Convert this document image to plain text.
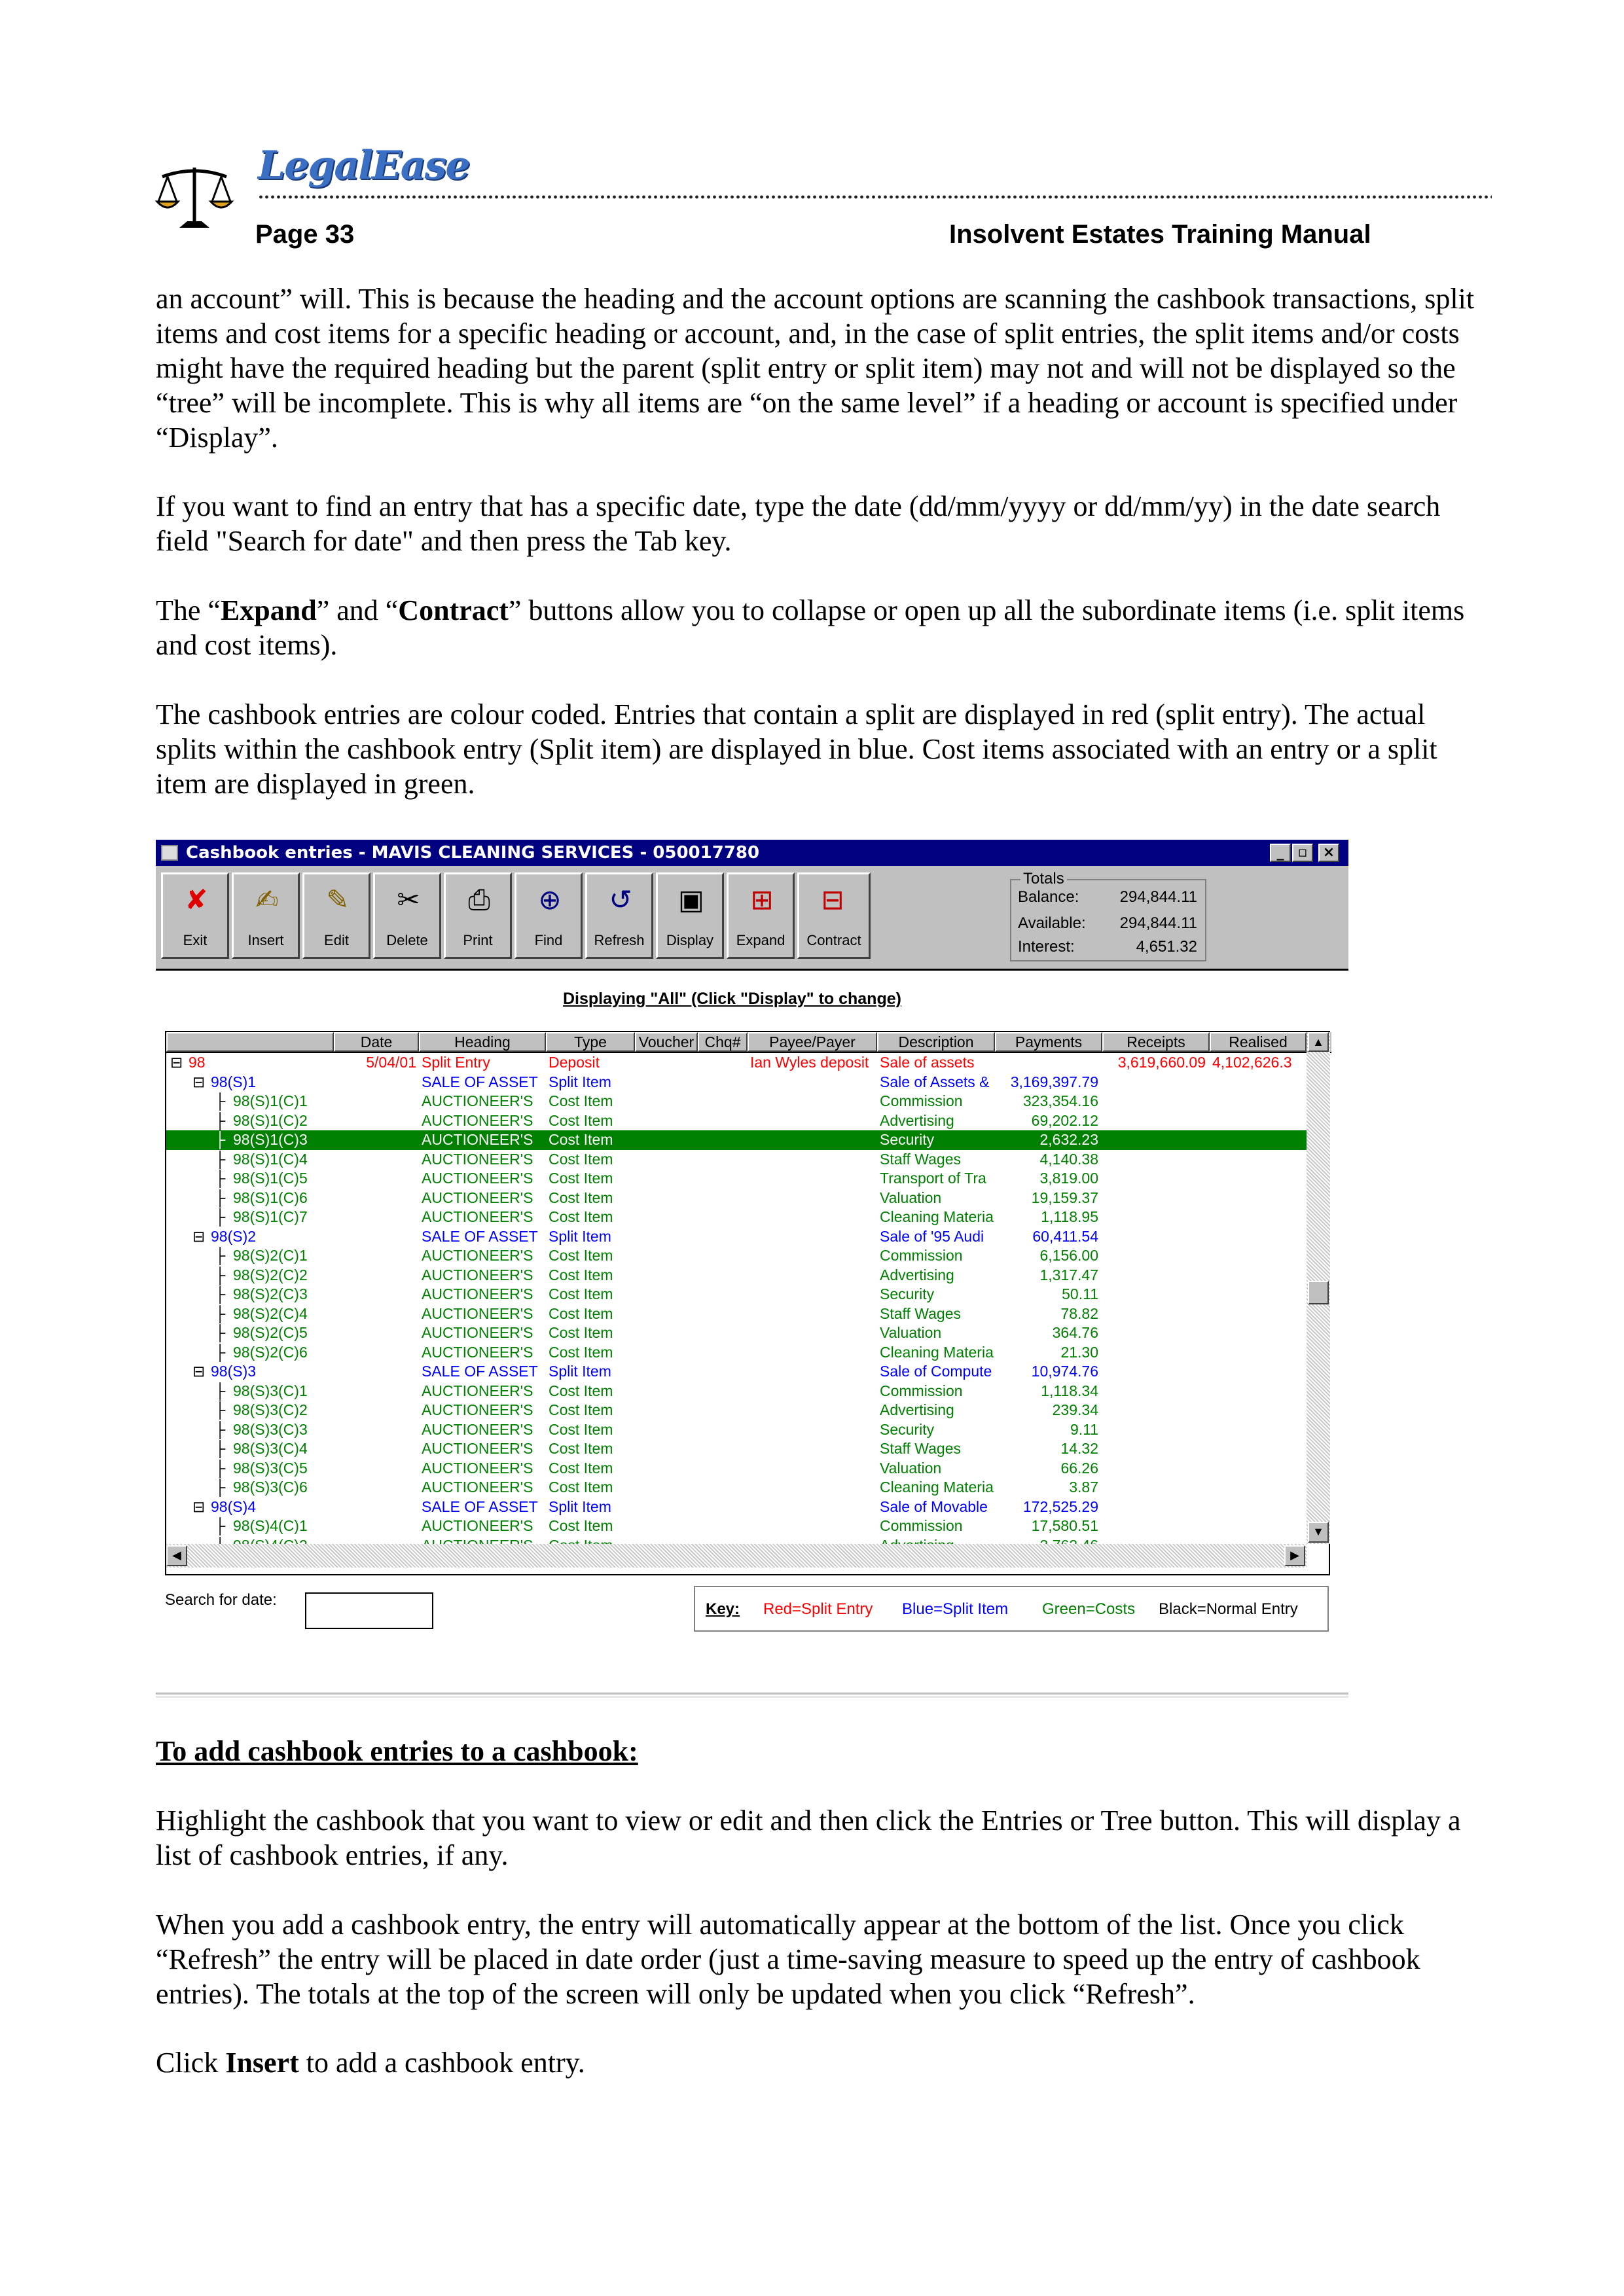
LegalEase
Page 33	Insolvent Estates Training Manual

an account” will. This is because the heading and the account options are scanning the cashbook transactions, split items and cost items for a specific heading or account, and, in the case of split entries, the split items and/or costs might have the required heading but the parent (split entry or split item) may not and will not be displayed so the “tree” will be incomplete. This is why all items are “on the same level” if a heading or account is specified under “Display”.

If you want to find an entry that has a specific date, type the date (dd/mm/yyyy or dd/mm/yy) in the date search field "Search for date" and then press the Tab key.

The “Expand” and “Contract” buttons allow you to collapse or open up all the subordinate items (i.e. split items and cost items).

The cashbook entries are colour coded. Entries that contain a split are displayed in red (split entry). The actual splits within the cashbook entry (Split item) are displayed in blue. Cost items associated with an entry or a split item are displayed in green.

Cashbook entries - MAVIS CLEANING SERVICES - 050017780	_ ▫	×
✘
Exit
✍
Insert
✎
Edit
✂
Delete
⎙
Print
⊕
Find
↺
Refresh
▣
Display
⊞
Expand
⊟
Contract
Totals
Balance:	294,844.11
Available: 294,844.11
Interest:	4,651.32
Displaying "All" (Click "Display" to change)
Date	Heading	Type	Voucher Chq#	Payee/Payer	Description	Payments	Receipts	Realised
⊟ 98	5/04/01 Split Entry	Deposit	Ian Wyles deposit Sale of assets	3,619,660.09 4,102,626.3
⊟ 98(S)1	SALE OF ASSET Split Item	Sale of Assets &	3,169,397.79
├ 98(S)1(C)1	AUCTIONEER'S	Cost Item	Commission	323,354.16
├ 98(S)1(C)2	AUCTIONEER'S	Cost Item	Advertising	69,202.12
├ 98(S)1(C)3	AUCTIONEER'S	Cost Item	Security	2,632.23
├ 98(S)1(C)4	AUCTIONEER'S	Cost Item	Staff Wages	4,140.38
├ 98(S)1(C)5	AUCTIONEER'S	Cost Item	Transport of Tra	3,819.00
├ 98(S)1(C)6	AUCTIONEER'S	Cost Item	Valuation	19,159.37
├ 98(S)1(C)7	AUCTIONEER'S	Cost Item	Cleaning Materia	1,118.95
⊟ 98(S)2	SALE OF ASSET Split Item	Sale of '95 Audi	60,411.54
├ 98(S)2(C)1	AUCTIONEER'S	Cost Item	Commission	6,156.00
├ 98(S)2(C)2	AUCTIONEER'S	Cost Item	Advertising	1,317.47
├ 98(S)2(C)3	AUCTIONEER'S	Cost Item	Security	50.11
├ 98(S)2(C)4	AUCTIONEER'S	Cost Item	Staff Wages	78.82
├ 98(S)2(C)5	AUCTIONEER'S	Cost Item	Valuation	364.76
├ 98(S)2(C)6	AUCTIONEER'S	Cost Item	Cleaning Materia	21.30
⊟ 98(S)3	SALE OF ASSET Split Item	Sale of Compute	10,974.76
├ 98(S)3(C)1	AUCTIONEER'S	Cost Item	Commission	1,118.34
├ 98(S)3(C)2	AUCTIONEER'S	Cost Item	Advertising	239.34
├ 98(S)3(C)3	AUCTIONEER'S	Cost Item	Security	9.11
├ 98(S)3(C)4	AUCTIONEER'S	Cost Item	Staff Wages	14.32
├ 98(S)3(C)5	AUCTIONEER'S	Cost Item	Valuation	66.26
├ 98(S)3(C)6	AUCTIONEER'S	Cost Item	Cleaning Materia	3.87
⊟ 98(S)4	SALE OF ASSET Split Item	Sale of Movable	172,525.29
├ 98(S)4(C)1	AUCTIONEER'S	Cost Item	Commission	17,580.51
▲
▼
◀	▶
Search for date:
Key: Red=Split Entry Blue=Split Item Green=Costs Black=Normal Entry
To add cashbook entries to a cashbook:

Highlight the cashbook that you want to view or edit and then click the Entries or Tree button. This will display a list of cashbook entries, if any.

When you add a cashbook entry, the entry will automatically appear at the bottom of the list. Once you click “Refresh” the entry will be placed in date order (just a time-saving measure to speed up the entry of cashbook entries). The totals at the top of the screen will only be updated when you click “Refresh”.

Click Insert to add a cashbook entry.
